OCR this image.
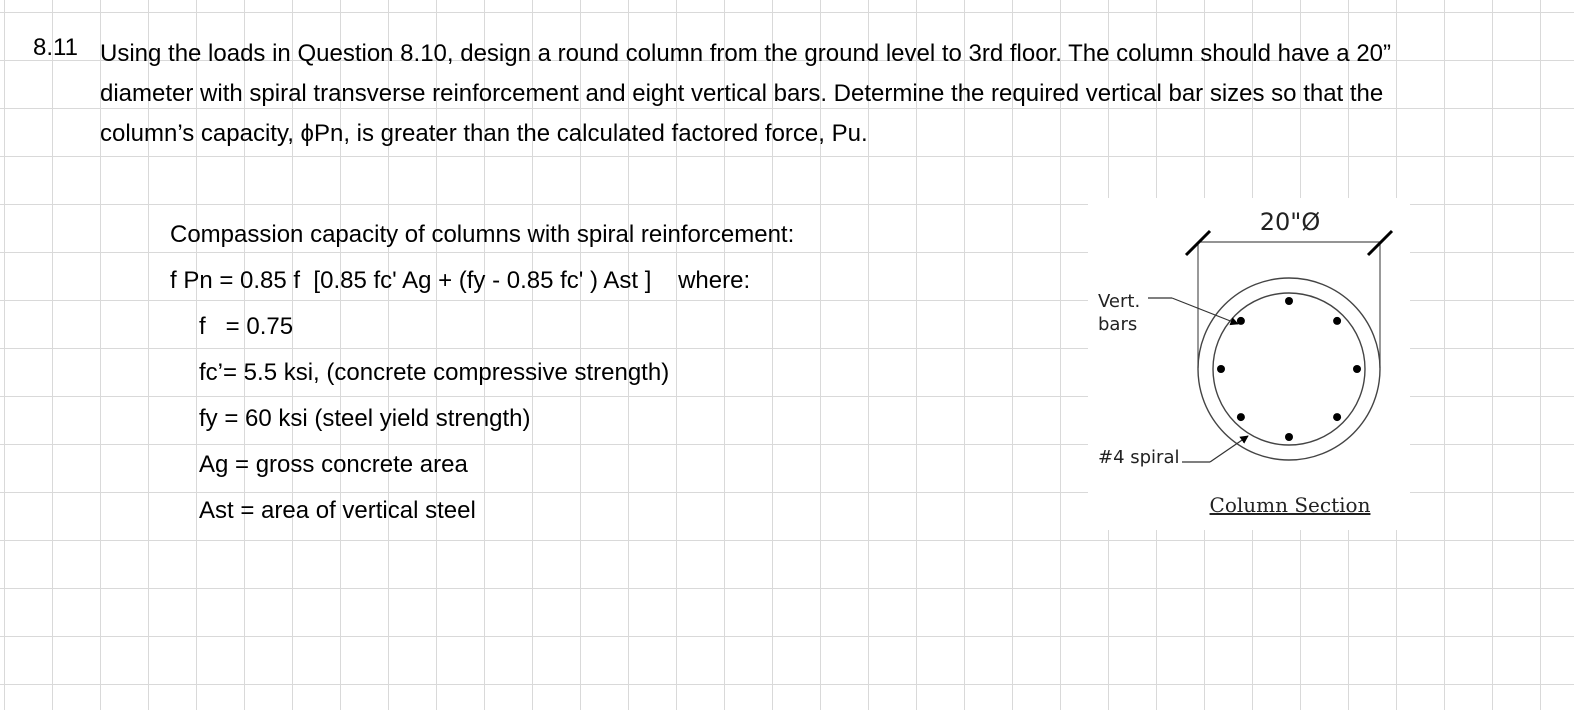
8.11 Using the loads in Question 8.10, design a round column from the ground level to 3rd floor. The column should have a 20”
diameter with spiral transverse reinforcement and eight vertical bars. Determine the required vertical bar sizes so that the
column’s capacity, ϕPn, is greater than the calculated factored force, Pu.
Compassion capacity of columns with spiral reinforcement:
f Pn = 0.85 f  [0.85 fc' Ag + (fy - 0.85 fc' ) Ast ]    where:
f   = 0.75
fc’= 5.5 ksi, (concrete compressive strength)
fy = 60 ksi (steel yield strength)
Ag = gross concrete area
Ast = area of vertical steel
20"Ø
Vert.
bars
#4 spiral
Column Section
